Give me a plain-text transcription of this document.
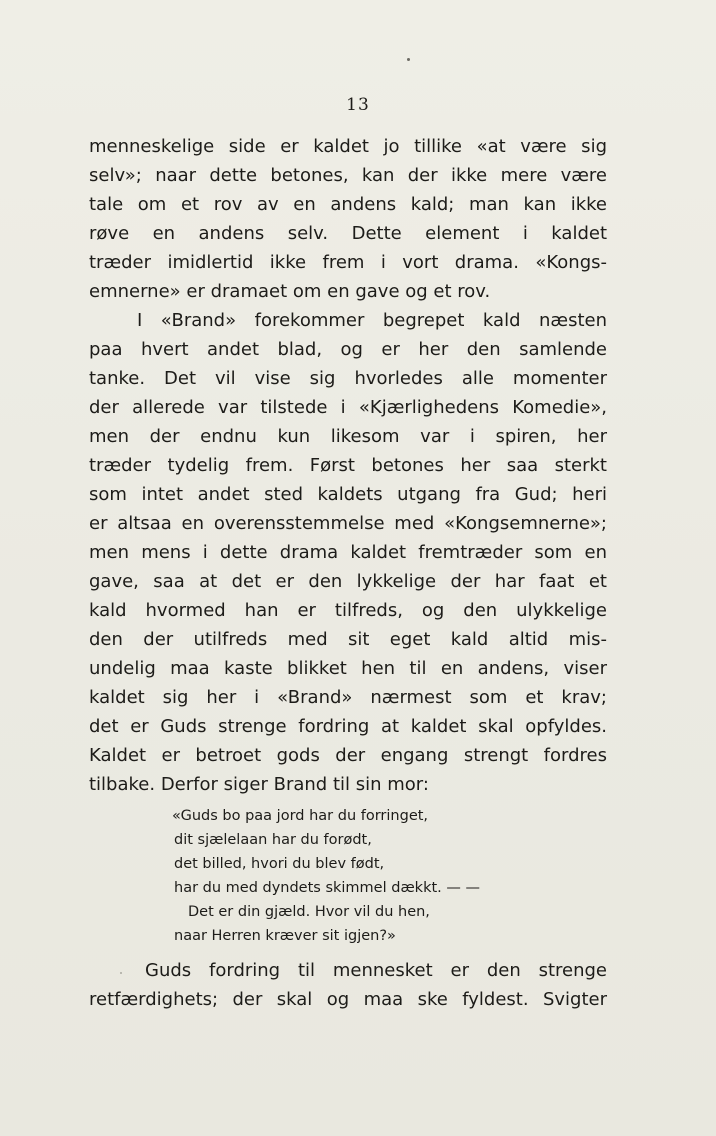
13
menneskelige side er kaldet jo tillike «at være sig
selv»; naar dette betones, kan der ikke mere være
tale om et rov av en andens kald; man kan ikke
røve en andens selv. Dette element i kaldet
træder imidlertid ikke frem i vort drama. «Kongs-
emnerne» er dramaet om en gave og et rov.
I «Brand» forekommer begrepet kald næsten
paa hvert andet blad, og er her den samlende
tanke. Det vil vise sig hvorledes alle momenter
der allerede var tilstede i «Kjærlighedens Komedie»,
men der endnu kun likesom var i spiren, her
træder tydelig frem. Først betones her saa sterkt
som intet andet sted kaldets utgang fra Gud; heri
er altsaa en overensstemmelse med «Kongsemnerne»;
men mens i dette drama kaldet fremtræder som en
gave, saa at det er den lykkelige der har faat et
kald hvormed han er tilfreds, og den ulykkelige
den der utilfreds med sit eget kald altid mis-
undelig maa kaste blikket hen til en andens, viser
kaldet sig her i «Brand» nærmest som et krav;
det er Guds strenge fordring at kaldet skal opfyldes.
Kaldet er betroet gods der engang strengt fordres
tilbake. Derfor siger Brand til sin mor:
«Guds bo paa jord har du forringet,
dit sjælelaan har du forødt,
det billed, hvori du blev født,
har du med dyndets skimmel dækkt. — —
Det er din gjæld. Hvor vil du hen,
naar Herren kræver sit igjen?»
Guds fordring til mennesket er den strenge
retfærdighets; der skal og maa ske fyldest. Svigter
